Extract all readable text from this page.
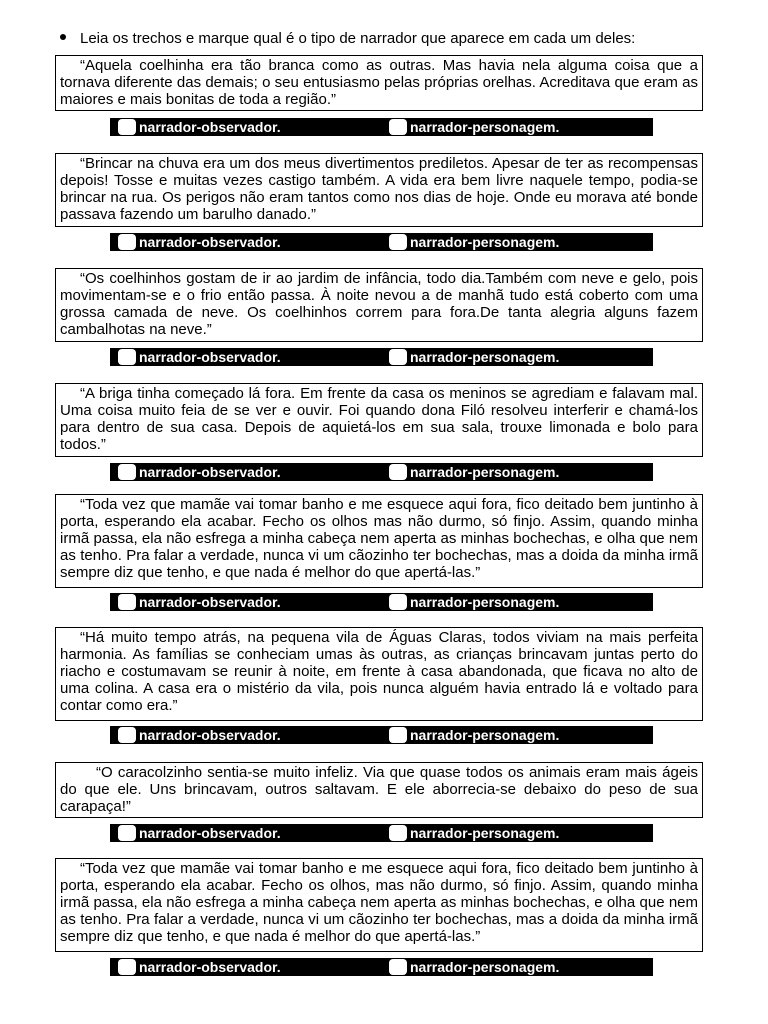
Leia os trechos e marque qual é o tipo de narrador que aparece em cada um deles:

“Aquela coelhinha era tão branca como as outras. Mas havia nela alguma coisa que a tornava diferente das demais; o seu entusiasmo pelas próprias orelhas. Acreditava que eram as maiores e mais bonitas de toda a região.”

narrador-observador.	narrador-personagem.

“Brincar na chuva era um dos meus divertimentos prediletos. Apesar de ter as recompensas depois! Tosse e muitas vezes castigo também. A vida era bem livre naquele tempo, podia-se brincar na rua. Os perigos não eram tantos como nos dias de hoje. Onde eu morava até bonde passava fazendo um barulho danado.”

narrador-observador.	narrador-personagem.

“Os coelhinhos gostam de ir ao jardim de infância, todo dia.Também com neve e gelo, pois movimentam-se e o frio então passa. À noite nevou a de manhã tudo está coberto com uma grossa camada de neve. Os coelhinhos correm para fora.De tanta alegria alguns fazem cambalhotas na neve.”

narrador-observador.	narrador-personagem.

“A briga tinha começado lá fora. Em frente da casa os meninos se agrediam e falavam mal. Uma coisa muito feia de se ver e ouvir. Foi quando dona Filó resolveu interferir e chamá-los para dentro de sua casa. Depois de aquietá-los em sua sala, trouxe limonada e bolo para todos.”

narrador-observador.	narrador-personagem.

“Toda vez que mamãe vai tomar banho e me esquece aqui fora, fico deitado bem juntinho à porta, esperando ela acabar. Fecho os olhos mas não durmo, só finjo. Assim, quando minha irmã passa, ela não esfrega a minha cabeça nem aperta as minhas bochechas, e olha que nem as tenho. Pra falar a verdade, nunca vi um cãozinho ter bochechas, mas a doida da minha irmã sempre diz que tenho, e que nada é melhor do que apertá-las.”

narrador-observador.	narrador-personagem.

“Há muito tempo atrás, na pequena vila de Águas Claras, todos viviam na mais perfeita harmonia. As famílias se conheciam umas às outras, as crianças brincavam juntas perto do riacho e costumavam se reunir à noite, em frente à casa abandonada, que ficava no alto de uma colina. A casa era o mistério da vila, pois nunca alguém havia entrado lá e voltado para contar como era.”

narrador-observador.	narrador-personagem.

“O caracolzinho sentia-se muito infeliz. Via que quase todos os animais eram mais ágeis do que ele. Uns brincavam, outros saltavam. E ele aborrecia-se debaixo do peso de sua carapaça!”

narrador-observador.	narrador-personagem.

“Toda vez que mamãe vai tomar banho e me esquece aqui fora, fico deitado bem juntinho à porta, esperando ela acabar. Fecho os olhos, mas não durmo, só finjo. Assim, quando minha irmã passa, ela não esfrega a minha cabeça nem aperta as minhas bochechas, e olha que nem as tenho. Pra falar a verdade, nunca vi um cãozinho ter bochechas, mas a doida da minha irmã sempre diz que tenho, e que nada é melhor do que apertá-las.”

narrador-observador.	narrador-personagem.
